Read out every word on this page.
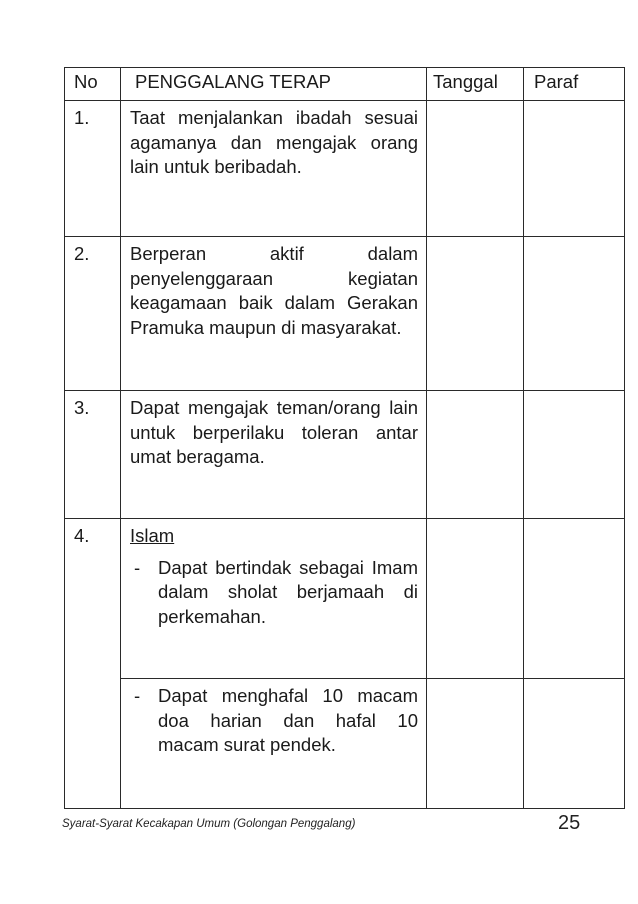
No	PENGGALANG TERAP	Tanggal	Paraf
1.	Taat menjalankan ibadah sesuai agamanya dan mengajak orang lain untuk beribadah.		
2.	Berperan aktif dalam penyelenggaraan kegiatan keagamaan baik dalam Gerakan Pramuka maupun di masyarakat.		
3.	Dapat mengajak teman/orang lain untuk berperilaku toleran antar umat beragama.		
4.	Islam
- Dapat bertindak sebagai Imam dalam sholat berjamaah di perkemahan.		

	- Dapat menghafal 10 macam doa harian dan hafal 10 macam surat pendek.		

Syarat-Syarat Kecakapan Umum (Golongan Penggalang)	25
